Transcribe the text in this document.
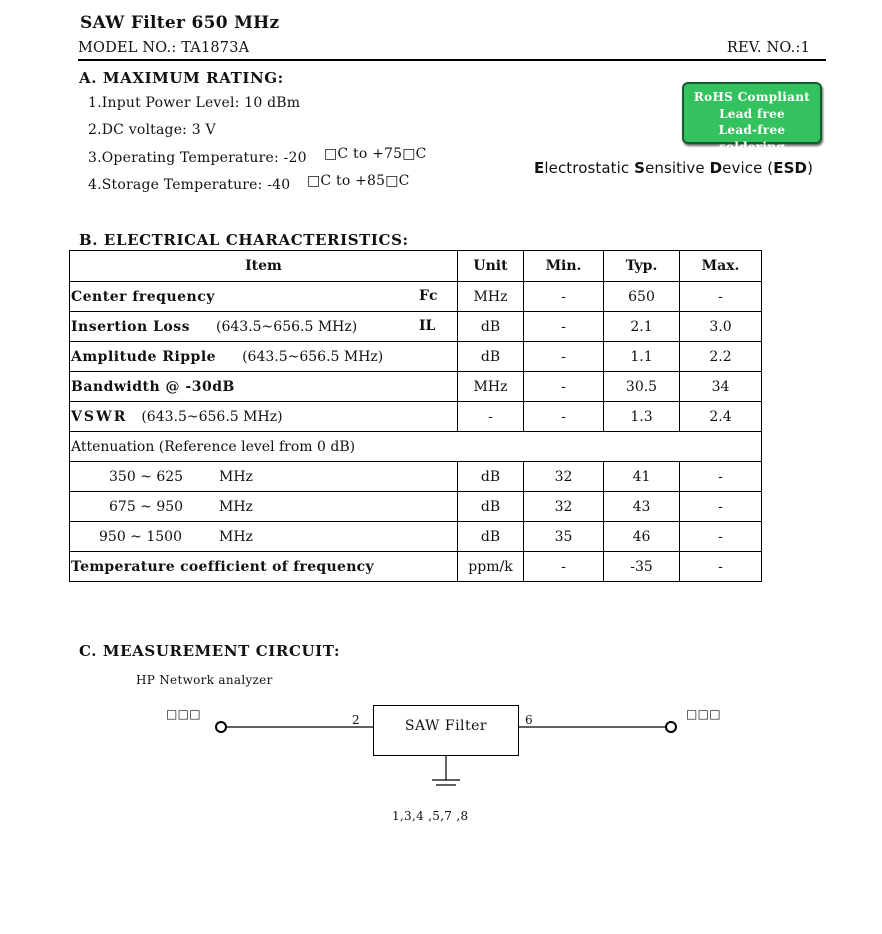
SAW Filter 650 MHz
MODEL NO.: TA1873A	REV. NO.:1
A. MAXIMUM RATING:
1.Input Power Level: 10 dBm
2.DC voltage: 3 V
3.Operating Temperature: -20 □C to +75□C
4.Storage Temperature: -40 □C to +85□C
RoHS Compliant
Lead free
Lead-free soldering
Electrostatic Sensitive Device (ESD)
B. ELECTRICAL CHARACTERISTICS:
Item	Unit	Min.	Typ.	Max.
Center frequency Fc	MHz	-	650	-
Insertion Loss (643.5~656.5 MHz) IL	dB	-	2.1	3.0
Amplitude Ripple (643.5~656.5 MHz)	dB	-	1.1	2.2
Bandwidth @ -30dB	MHz	-	30.5	34
VSWR (643.5~656.5 MHz)	-	-	1.3	2.4
Attenuation (Reference level from 0 dB)				
350 ~ 625 MHz	dB	32	41	-
675 ~ 950 MHz	dB	32	43	-
950 ~ 1500 MHz	dB	35	46	-
Temperature coefficient of frequency	ppm/k	-	-35	-
C. MEASUREMENT CIRCUIT:
HP Network analyzer
□□□	□□□
2	6
SAW Filter
1,3,4 ,5,7 ,8
